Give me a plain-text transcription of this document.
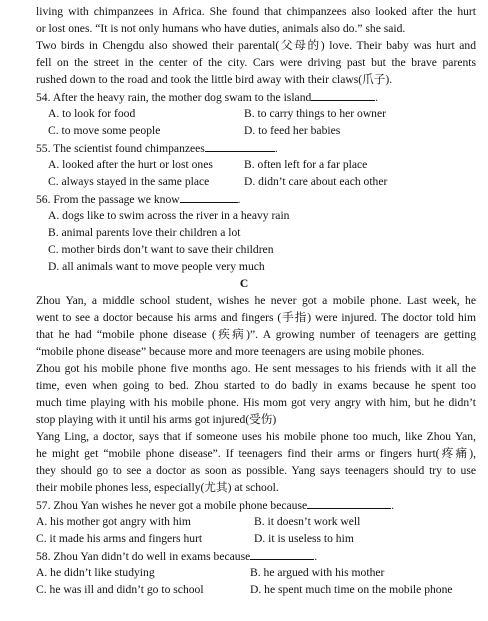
living with chimpanzees in Africa. She found that chimpanzees also looked after the hurt
or lost ones. “It is not only humans who have duties, animals also do.” she said.
Two birds in Chengdu also showed their parental(父母的) love. Their baby was hurt and
fell on the street in the center of the city. Cars were driving past but the brave parents
rushed down to the road and took the little bird away with their claws(爪子).
54. After the heavy rain, the mother dog swam to the island	.
A. to look for food	B. to carry things to her owner
C. to move some people	D. to feed her babies
55. The scientist found chimpanzees	.
A. looked after the hurt or lost ones	B. often left for a far place
C. always stayed in the same place	D. didn’t care about each other
56. From the passage we know	.
A. dogs like to swim across the river in a heavy rain
B. animal parents love their children a lot
C. mother birds don’t want to save their children
D. all animals want to move people very much
C
Zhou Yan, a middle school student, wishes he never got a mobile phone. Last week, he
went to see a doctor because his arms and fingers (手指) were injured. The doctor told him
that he had “mobile phone disease (疾病)”. A growing number of teenagers are getting
“mobile phone disease” because more and more teenagers are using mobile phones.
Zhou got his mobile phone five months ago. He sent messages to his friends with it all the
time, even when going to bed. Zhou started to do badly in exams because he spent too
much time playing with his mobile phone. His mom got very angry with him, but he didn’t
stop playing with it until his arms got injured(受伤)
Yang Ling, a doctor, says that if someone uses his mobile phone too much, like Zhou Yan,
he might get “mobile phone disease”. If teenagers find their arms or fingers hurt(疼痛),
they should go to see a doctor as soon as possible. Yang says teenagers should try to use
their mobile phones less, especially(尤其) at school.
57. Zhou Yan wishes he never got a mobile phone because	.
A. his mother got angry with him	B. it doesn’t work well
C. it made his arms and fingers hurt	D. it is useless to him
58. Zhou Yan didn’t do well in exams because	.
A. he didn’t like studying	B. he argued with his mother
C. he was ill and didn’t go to school	D. he spent much time on the mobile phone
